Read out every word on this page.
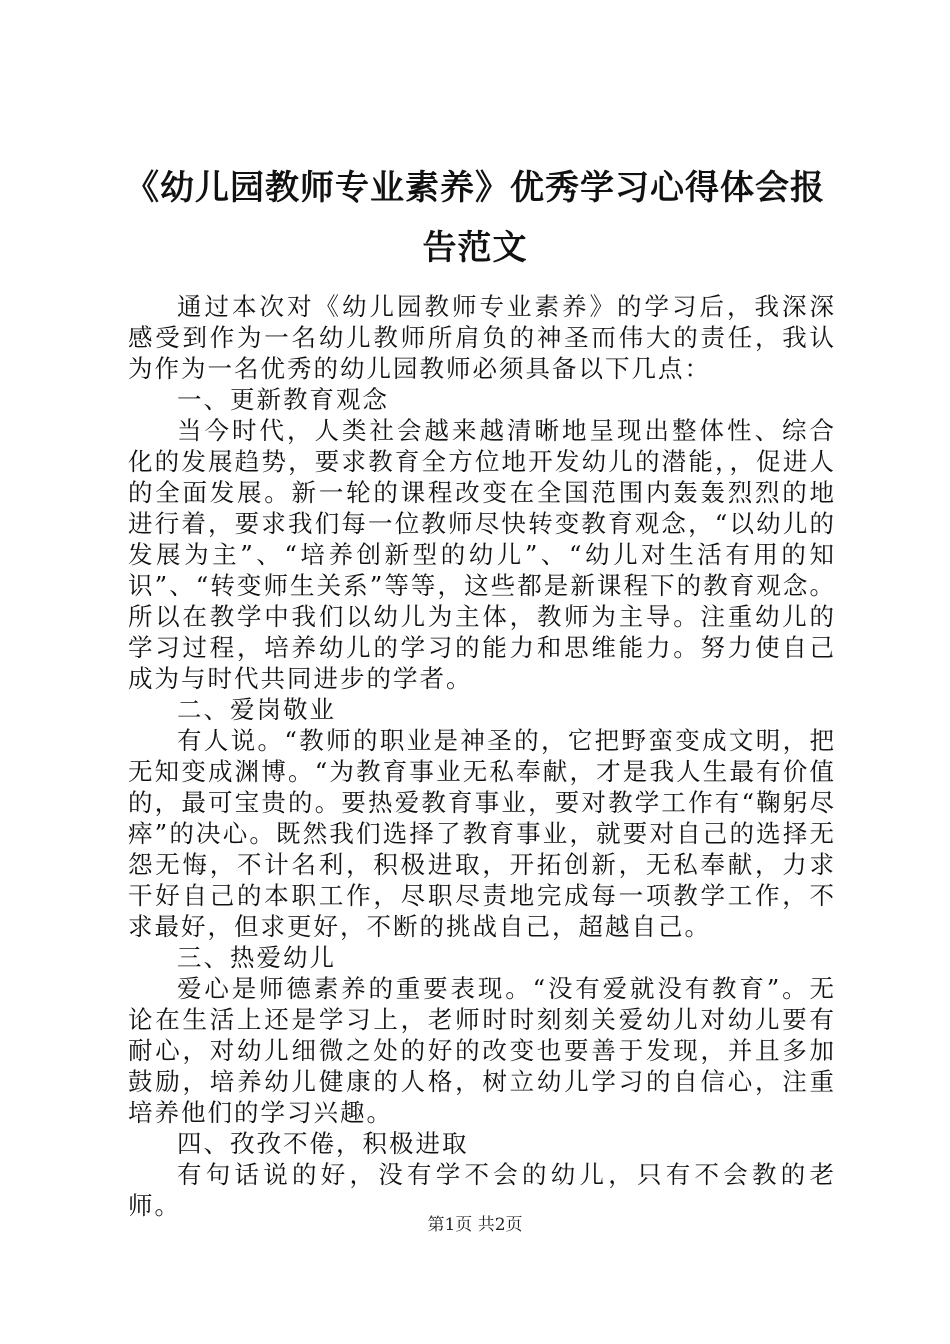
《幼儿园教师专业素养》优秀学习心得体会报告范文

通过本次对《幼儿园教师专业素养》的学习后，我深深感受到作为一名幼儿教师所肩负的神圣而伟大的责任，我认为作为一名优秀的幼儿园教师必须具备以下几点：

一、更新教育观念

当今时代，人类社会越来越清晰地呈现出整体性、综合化的发展趋势，要求教育全方位地开发幼儿的潜能，，促进人的全面发展。新一轮的课程改变在全国范围内轰轰烈烈的地进行着，要求我们每一位教师尽快转变教育观念，“以幼儿的发展为主”、“培养创新型的幼儿”、“幼儿对生活有用的知识”、“转变师生关系”等等，这些都是新课程下的教育观念。所以在教学中我们以幼儿为主体，教师为主导。注重幼儿的学习过程，培养幼儿的学习的能力和思维能力。努力使自己成为与时代共同进步的学者。

二、爱岗敬业

有人说。“教师的职业是神圣的，它把野蛮变成文明，把无知变成渊博。“为教育事业无私奉献，才是我人生最有价值的，最可宝贵的。要热爱教育事业，要对教学工作有“鞠躬尽瘁”的决心。既然我们选择了教育事业，就要对自己的选择无怨无悔，不计名利，积极进取，开拓创新，无私奉献，力求干好自己的本职工作，尽职尽责地完成每一项教学工作，不求最好，但求更好，不断的挑战自己，超越自己。

三、热爱幼儿

爱心是师德素养的重要表现。“没有爱就没有教育”。无论在生活上还是学习上，老师时时刻刻关爱幼儿对幼儿要有耐心，对幼儿细微之处的好的改变也要善于发现，并且多加鼓励，培养幼儿健康的人格，树立幼儿学习的自信心，注重培养他们的学习兴趣。

四、孜孜不倦，积极进取

有句话说的好，没有学不会的幼儿，只有不会教的老师。

第1页 共2页
